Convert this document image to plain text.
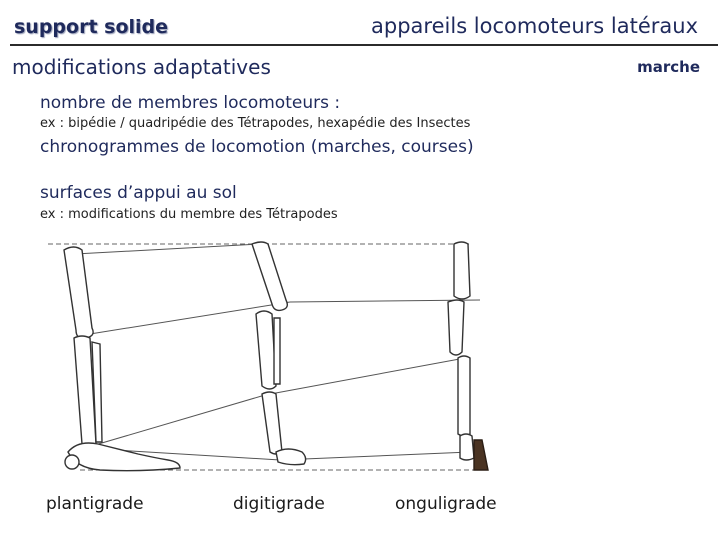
support solide	appareils locomoteurs latéraux
modifications adaptatives	marche
nombre de membres locomoteurs :
ex : bipédie / quadripédie des Tétrapodes, hexapédie des Insectes
chronogrammes de locomotion (marches, courses)
surfaces d’appui au sol
ex : modifications du membre des Tétrapodes
plantigrade	digitigrade	onguligrade
